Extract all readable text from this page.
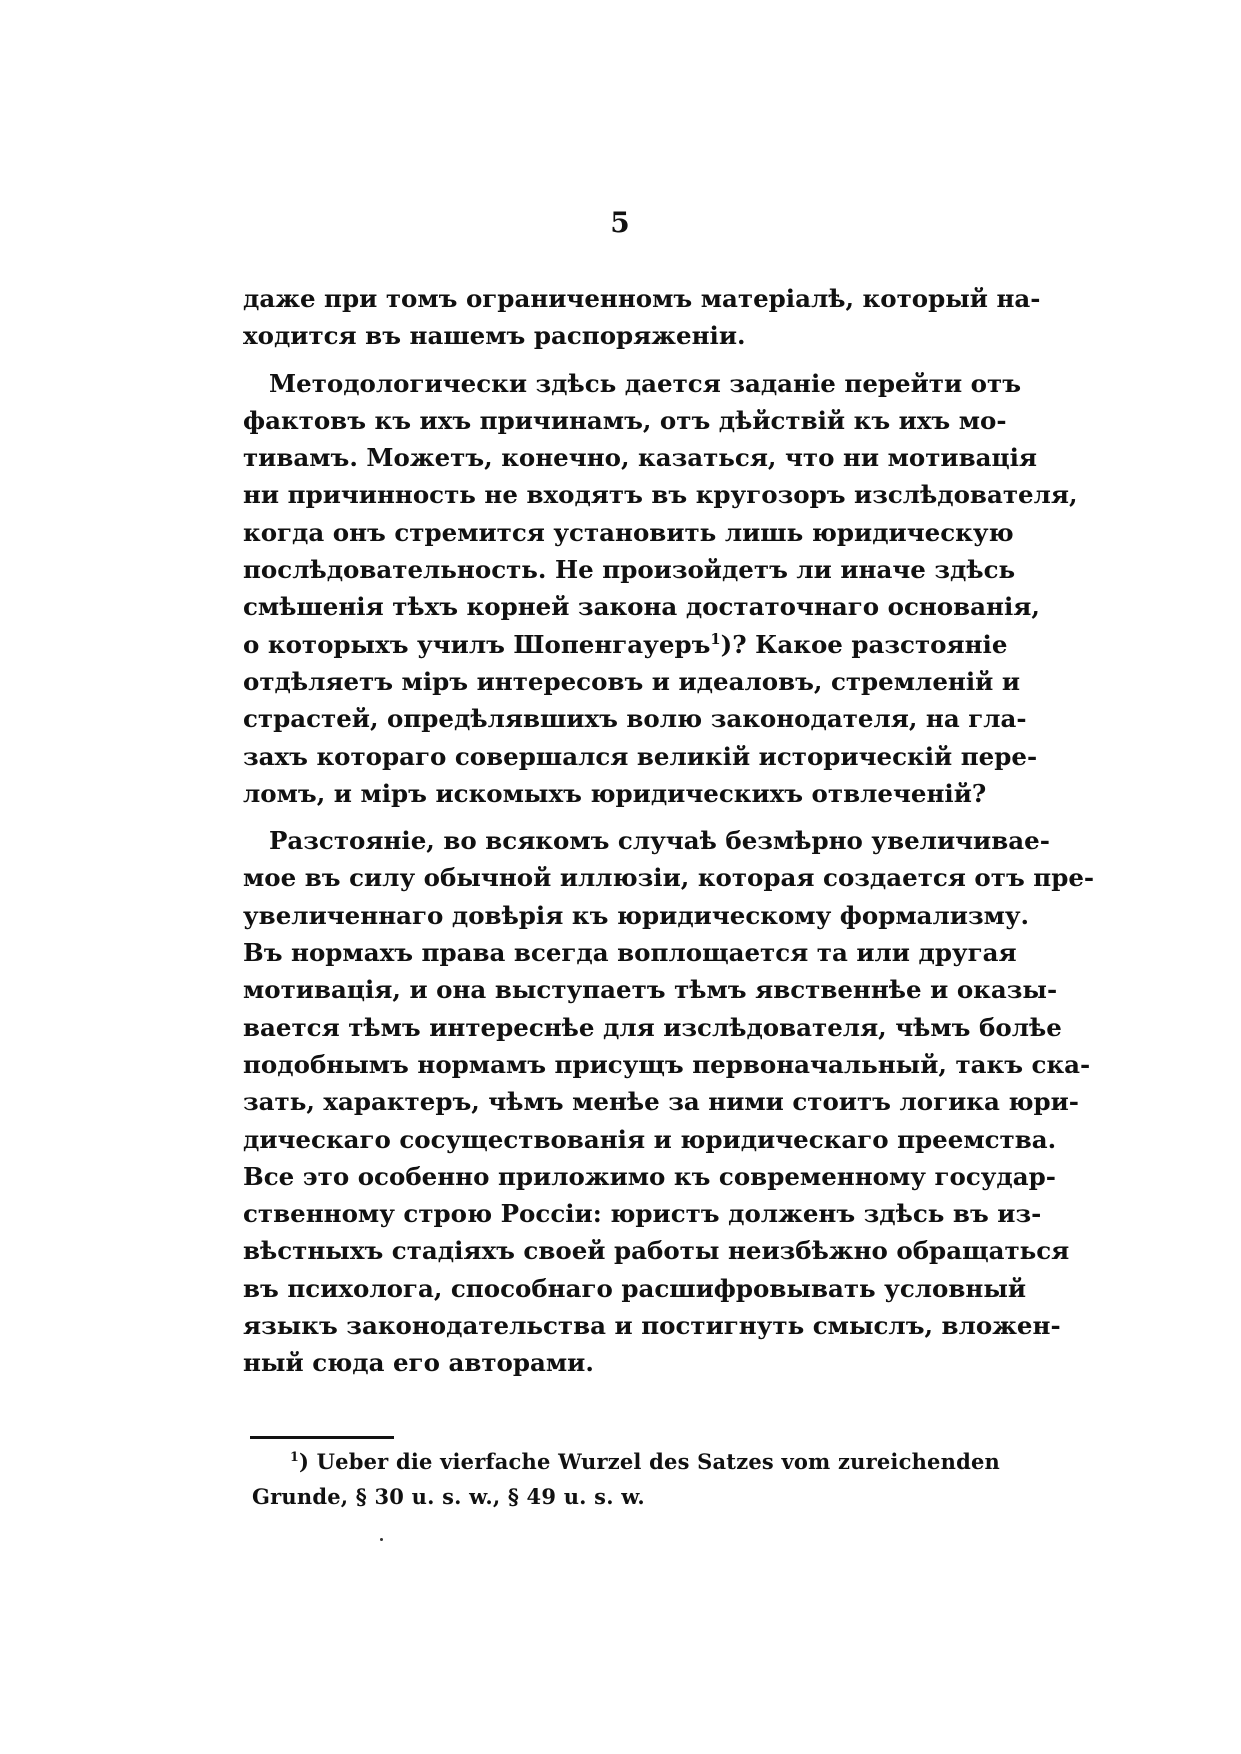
5
даже при томъ ограниченномъ матеріалѣ, который на-
ходится въ нашемъ распоряженіи.
Методологически здѣсь дается заданіе перейти отъ
фактовъ къ ихъ причинамъ, отъ дѣйствій къ ихъ мо-
тивамъ. Можетъ, конечно, казаться, что ни мотивація
ни причинность не входятъ въ кругозоръ изслѣдователя,
когда онъ стремится установить лишь юридическую
послѣдовательность. Не произойдетъ ли иначе здѣсь
смѣшенія тѣхъ корней закона достаточнаго основанія,
о которыхъ училъ Шопенгауеръ$^1$)? Какое разстояніе
отдѣляетъ міръ интересовъ и идеаловъ, стремленій и
страстей, опредѣлявшихъ волю законодателя, на гла-
захъ котораго совершался великій историческій пере-
ломъ, и міръ искомыхъ юридическихъ отвлеченій?
Разстояніе, во всякомъ случаѣ безмѣрно увеличивае-
мое въ силу обычной иллюзіи, которая создается отъ пре-
увеличеннаго довѣрія къ юридическому формализму.
Въ нормахъ права всегда воплощается та или другая
мотивація, и она выступаетъ тѣмъ явственнѣе и оказы-
вается тѣмъ интереснѣе для изслѣдователя, чѣмъ болѣе
подобнымъ нормамъ присущъ первоначальный, такъ ска-
зать, характеръ, чѣмъ менѣе за ними стоитъ логика юри-
дическаго сосуществованія и юридическаго преемства.
Все это особенно приложимо къ современному государ-
ственному строю Россіи: юристъ долженъ здѣсь въ из-
вѣстныхъ стадіяхъ своей работы неизбѣжно обращаться
въ психолога, способнаго расшифровывать условный
языкъ законодательства и постигнуть смыслъ, вложен-
ный сюда его авторами.
$^1$) Ueber die vierfache Wurzel des Satzes vom zureichenden
Grunde, § 30 u. s. w., § 49 u. s. w.
